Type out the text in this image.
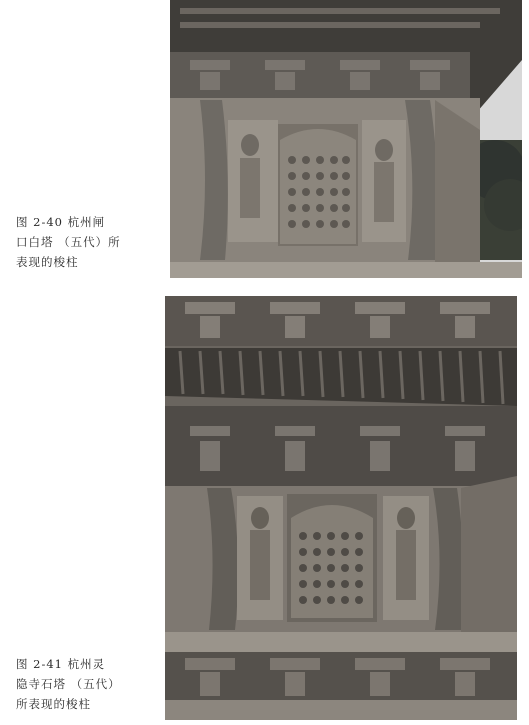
图 2-40 杭州闸
口白塔 （五代）所
表现的梭柱
图 2-41 杭州灵
隐寺石塔 （五代）
所表现的梭柱
